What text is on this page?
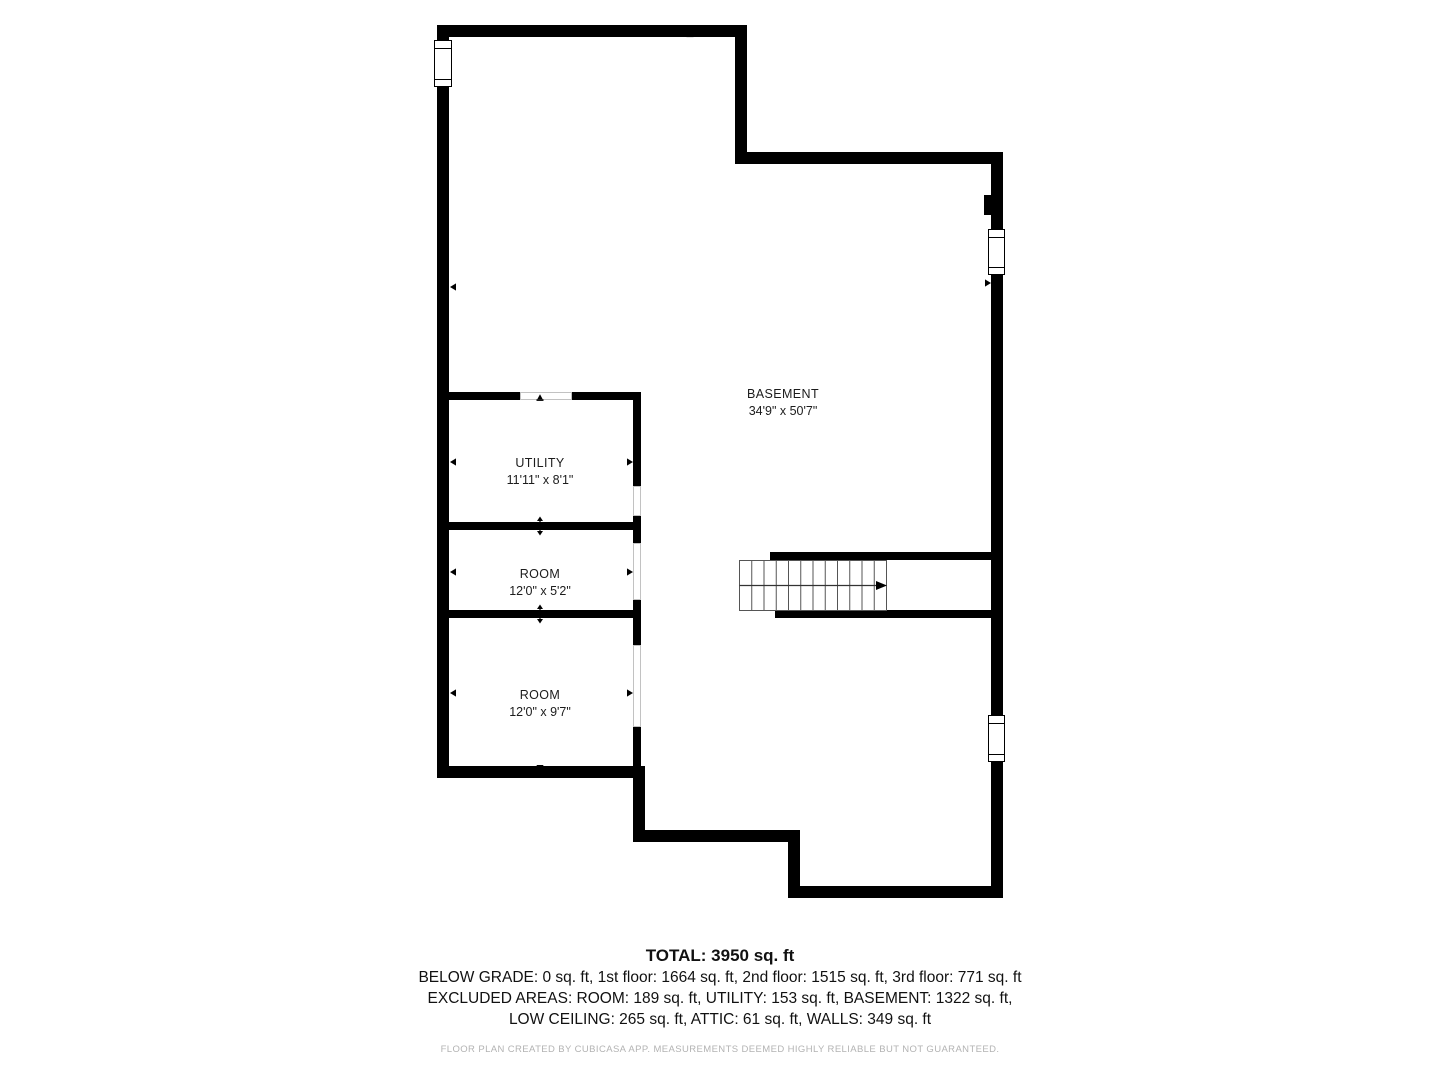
BASEMENT
34'9" x 50'7"
UTILITY
11'11" x 8'1"
ROOM
12'0" x 5'2"
ROOM
12'0" x 9'7"
TOTAL: 3950 sq. ft
BELOW GRADE: 0 sq. ft, 1st floor: 1664 sq. ft, 2nd floor: 1515 sq. ft, 3rd floor: 771 sq. ft
EXCLUDED AREAS: ROOM: 189 sq. ft, UTILITY: 153 sq. ft, BASEMENT: 1322 sq. ft,
LOW CEILING: 265 sq. ft, ATTIC: 61 sq. ft, WALLS: 349 sq. ft
FLOOR PLAN CREATED BY CUBICASA APP. MEASUREMENTS DEEMED HIGHLY RELIABLE BUT NOT GUARANTEED.
